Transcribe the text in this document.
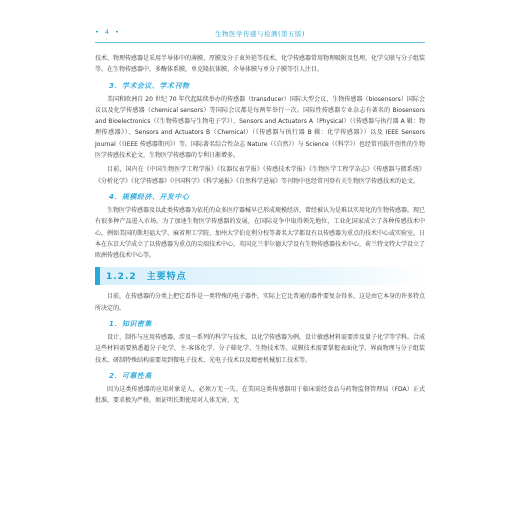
• 4 •	生物医学传感与检测(第五版)

技术、物理传感器是采用半导体中的薄膜、厚膜及分子束外延等技术，化学传感器常用物理吸附及包埋，化学交联与分子组装等。在生物传感器中，多酶体系膜，单克隆抗体膜、介导体膜与单分子膜等引人注目。

3．学术会议、学术刊物

美国和欧洲自 20 世纪 70 年代起陆续举办的传感器（transducer）国际大型会议、生物传感器（biosensors）国际会议以及化学传感器（chemical sensors）等国际会议都是每两年举行一次。国际性传感器专业杂志有著名的 Biosensors and Bioelectronics（《生物传感器与生物电子学》）、Sensors and Actuators A（Physical）（《传感器与执行器 A 辑：物理传感器》）、Sensors and Actuators B（Chemical）（《传感器与执行器 B 辑：化学传感器》）以及 IEEE Sensors Journal（《IEEE 传感器期刊》）等。国际著名综合性杂志 Nature（《自然》）与 Science（《科学》）也经常刊载开创性的生物医学传感技术论文，生物医学传感器的专利日渐增多。

目前，国内在《中国生物医学工程学报》《仪器仪表学报》《传感技术学报》《生物医学工程学杂志》《传感器与微系统》《分析化学》《化学传感器》《中国科学》《科学通报》《自然科学进展》等刊物中也经常刊登有关生物医学传感技术的论文。

4．规模经济、开发中心

生物医学传感器及以此类传感器为依托的众多医疗器械早已形成规模经济，曾经被认为是难以实用化的生物传感器，现已有很多种产品进入市场。为了加速生物医学传感器的发展，在国际竞争中取得领先地位，工业化国家成立了各种传感技术中心，例如美国的斯坦福大学、麻省理工学院、加州大学伯克利分校等著名大学都设有以传感器为重点的技术中心或实验室，日本在东京大学成立了以传感器为重点的尖端技术中心，英国克兰菲尔德大学设有生物传感器技术中心，荷兰特文特大学设立了欧洲传感技术中心等。

1.2.2　主要特点

目前，在传感器的分类上把它看作是一类特殊的电子器件，实际上它比普通的器件要复杂得多，这是由它本身的许多特点所决定的。

1．知识密集

设计、制作与应用传感器，涉及一系列的科学与技术，以化学传感器为例，设计敏感材料需要涉及量子化学等学科。合成这些材料需要熟悉超分子化学、主-客体化学、分子筛化学、生物技术等。成膜技术需要掌握表面化学、界面物理与分子组装技术。研制特殊结构需要用到微电子技术、光电子技术以及精密机械加工技术等。

2．可靠性高

因为这类传感器的应用对象是人，必须万无一失。在美国这类传感器用于临床需经食品与药物监督管理局（FDA）正式批准，要求极为严格，须证明长期使用对人体无害，无
